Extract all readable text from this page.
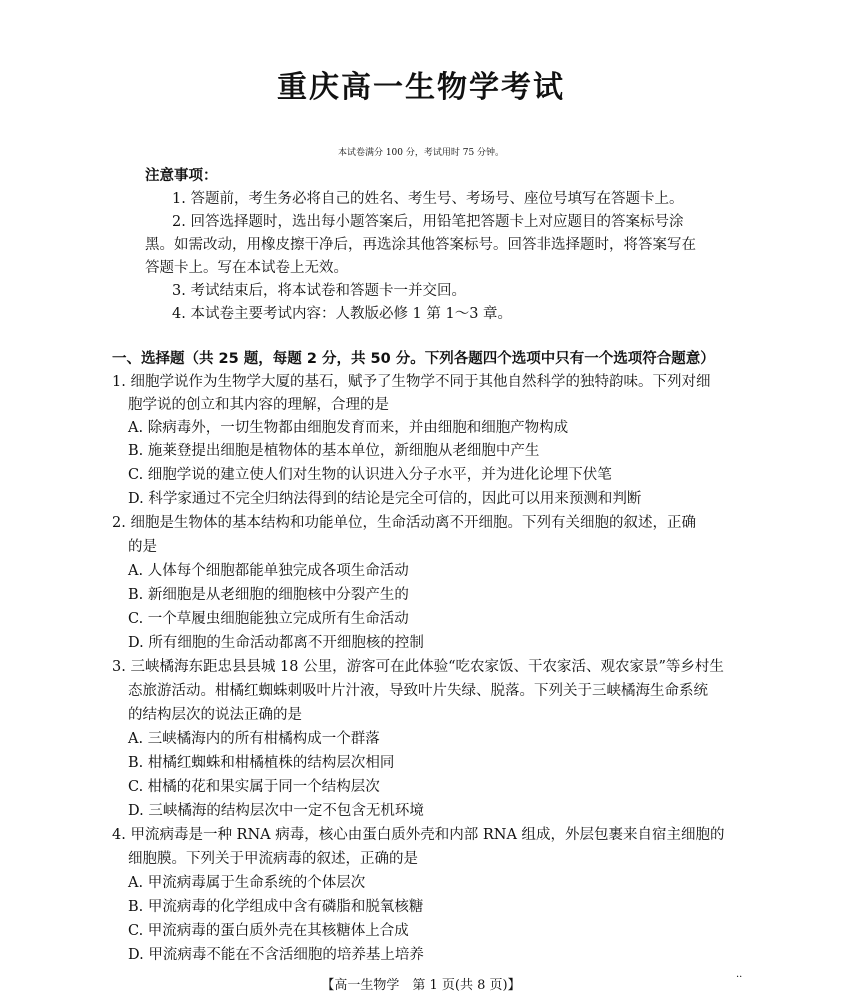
重庆高一生物学考试
本试卷满分 100 分，考试用时 75 分钟。
注意事项：
1. 答题前，考生务必将自己的姓名、考生号、考场号、座位号填写在答题卡上。
2. 回答选择题时，选出每小题答案后，用铅笔把答题卡上对应题目的答案标号涂
黑。如需改动，用橡皮擦干净后，再选涂其他答案标号。回答非选择题时，将答案写在
答题卡上。写在本试卷上无效。
3. 考试结束后，将本试卷和答题卡一并交回。
4. 本试卷主要考试内容：人教版必修 1 第 1～3 章。
一、选择题（共 25 题，每题 2 分，共 50 分。下列各题四个选项中只有一个选项符合题意）
1. 细胞学说作为生物学大厦的基石，赋予了生物学不同于其他自然科学的独特韵味。下列对细
胞学说的创立和其内容的理解，合理的是
A. 除病毒外，一切生物都由细胞发育而来，并由细胞和细胞产物构成
B. 施莱登提出细胞是植物体的基本单位，新细胞从老细胞中产生
C. 细胞学说的建立使人们对生物的认识进入分子水平，并为进化论埋下伏笔
D. 科学家通过不完全归纳法得到的结论是完全可信的，因此可以用来预测和判断
2. 细胞是生物体的基本结构和功能单位，生命活动离不开细胞。下列有关细胞的叙述，正确
的是
A. 人体每个细胞都能单独完成各项生命活动
B. 新细胞是从老细胞的细胞核中分裂产生的
C. 一个草履虫细胞能独立完成所有生命活动
D. 所有细胞的生命活动都离不开细胞核的控制
3. 三峡橘海东距忠县县城 18 公里，游客可在此体验“吃农家饭、干农家活、观农家景”等乡村生
态旅游活动。柑橘红蜘蛛刺吸叶片汁液，导致叶片失绿、脱落。下列关于三峡橘海生命系统
的结构层次的说法正确的是
A. 三峡橘海内的所有柑橘构成一个群落
B. 柑橘红蜘蛛和柑橘植株的结构层次相同
C. 柑橘的花和果实属于同一个结构层次
D. 三峡橘海的结构层次中一定不包含无机环境
4. 甲流病毒是一种 RNA 病毒，核心由蛋白质外壳和内部 RNA 组成，外层包裹来自宿主细胞的
细胞膜。下列关于甲流病毒的叙述，正确的是
A. 甲流病毒属于生命系统的个体层次
B. 甲流病毒的化学组成中含有磷脂和脱氧核糖
C. 甲流病毒的蛋白质外壳在其核糖体上合成
D. 甲流病毒不能在不含活细胞的培养基上培养
【高一生物学　第 1 页(共 8 页)】
··
